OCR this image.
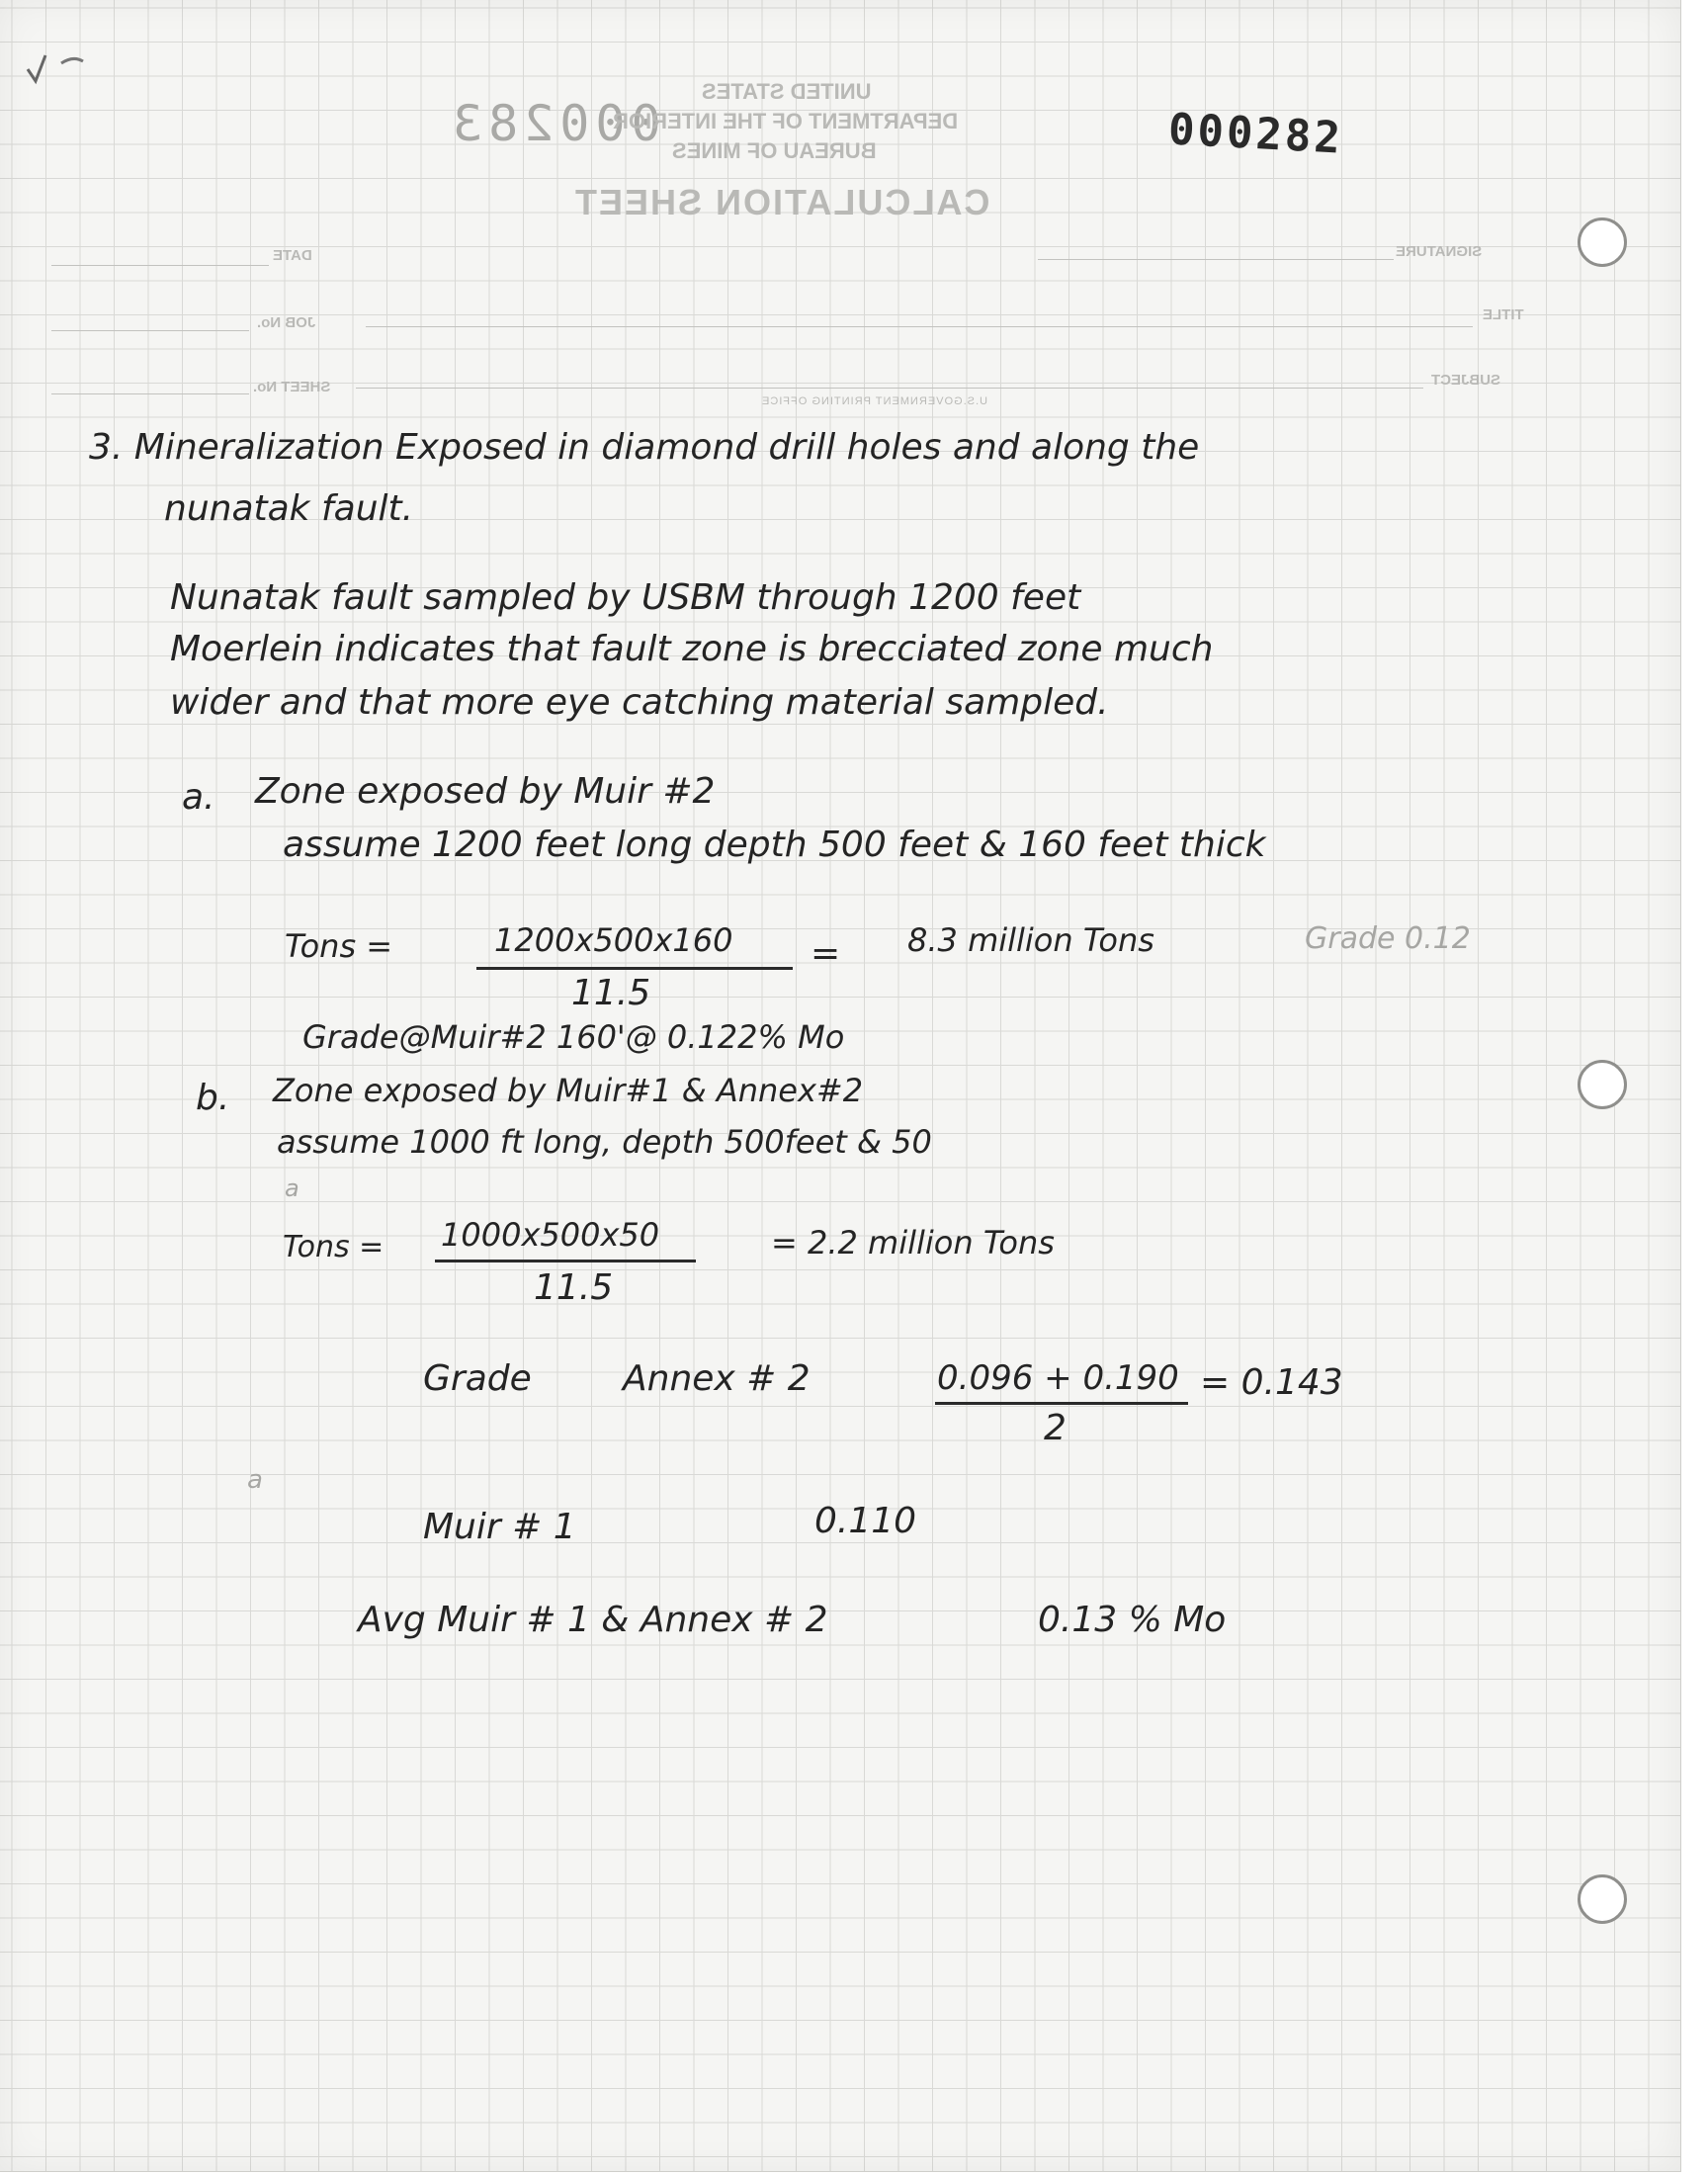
000283
UNITED STATES
DEPARTMENT OF THE INTERIOR
BUREAU OF MINES
CALCULATION SHEET
SIGNATURE
DATE
TITLE
JOB No.
SUBJECT
SHEET No.
U.S.GOVERNMENT PRINTING OFFICE
000282
3. Mineralization Exposed in diamond drill holes and along the
nunatak fault.
Nunatak fault sampled by USBM through 1200 feet
Moerlein indicates that fault zone is brecciated zone much
wider and that more eye catching material sampled.
a. Zone exposed by Muir #2
assume 1200 feet long depth 500 feet & 160 feet thick
Tons =	1200x500x160
11.5
= 8.3 million Tons	Grade 0.12
Grade@Muir#2 160'@ 0.122% Mo
b. Zone exposed by Muir#1 & Annex#2
assume 1000 ft long, depth 500feet & 50
a
Tons = 1000x500x50
11.5
= 2.2 million Tons
Grade	Annex # 2	0.096 + 0.190
2
= 0.143
a
Muir # 1	0.110
Avg Muir # 1 & Annex # 2	0.13 % Mo
